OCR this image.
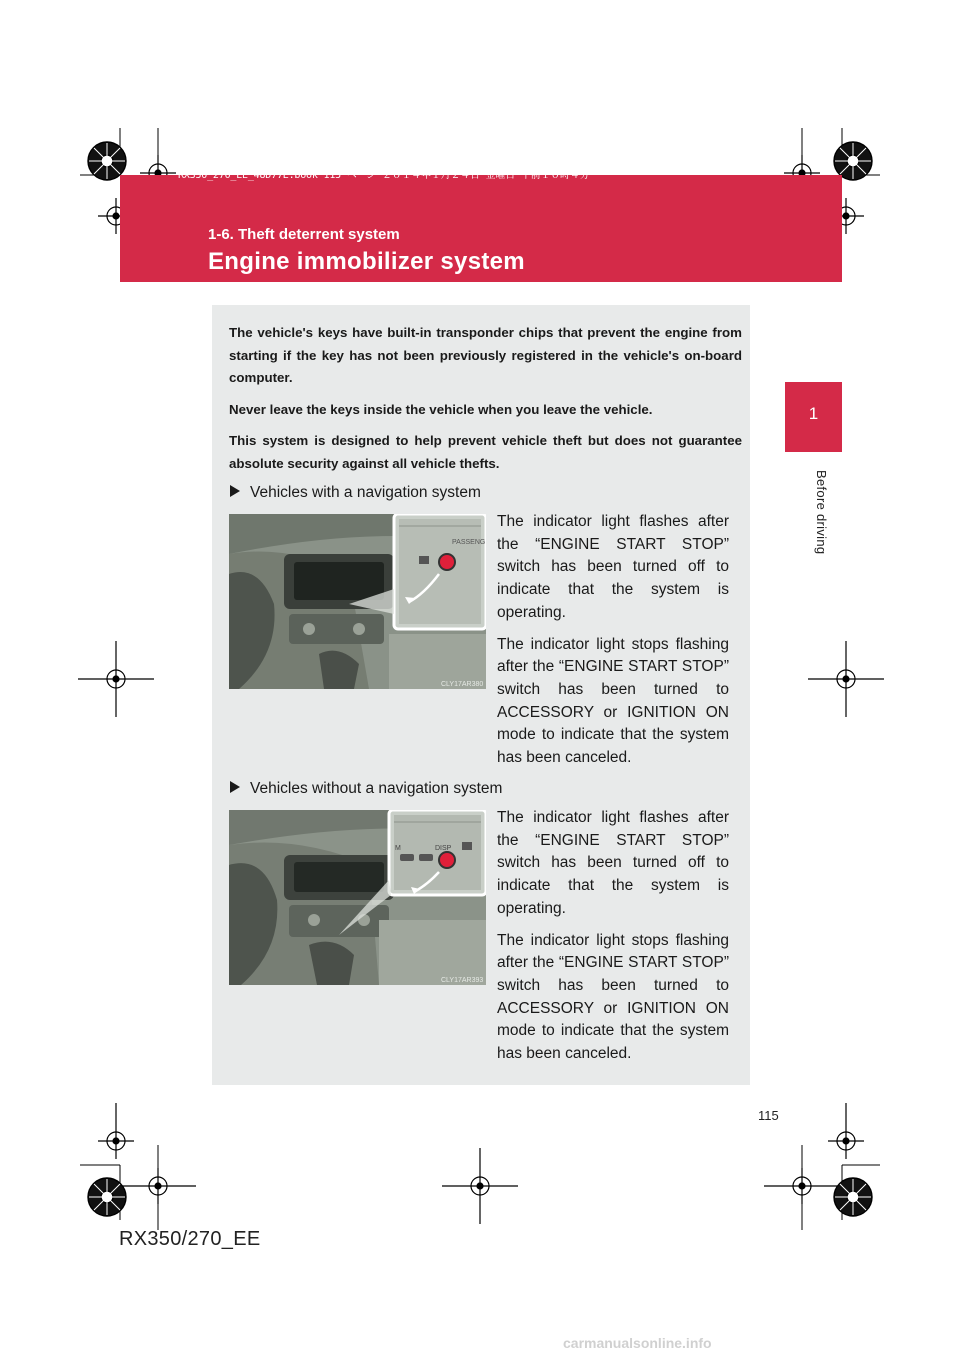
RX350_270_EE_48D77E.book 115 ページ ２０１４年１月２４日 金曜日 午前１０時４分
1-6. Theft deterrent system
Engine immobilizer system
1
Before driving

The vehicle's keys have built-in transponder chips that prevent the engine from starting if the key has not been previously registered in the vehicle's on-board computer.

Never leave the keys inside the vehicle when you leave the vehicle.

This system is designed to help prevent vehicle theft but does not guarantee absolute security against all vehicle thefts.

Vehicles with a navigation system
PASSENG
CLY17AR380

The indicator light flashes after the “ENGINE START STOP” switch has been turned off to indicate that the system is operating.

The indicator light stops flashing after the “ENGINE START STOP” switch has been turned to ACCESSORY or IGNITION ON mode to indicate that the system has been canceled.

Vehicles without a navigation system
M	DISP
CLY17AR393

The indicator light flashes after the “ENGINE START STOP” switch has been turned off to indicate that the system is operating.

The indicator light stops flashing after the “ENGINE START STOP” switch has been turned to ACCESSORY or IGNITION ON mode to indicate that the system has been canceled.

115
RX350/270_EE
carmanualsonline.info
